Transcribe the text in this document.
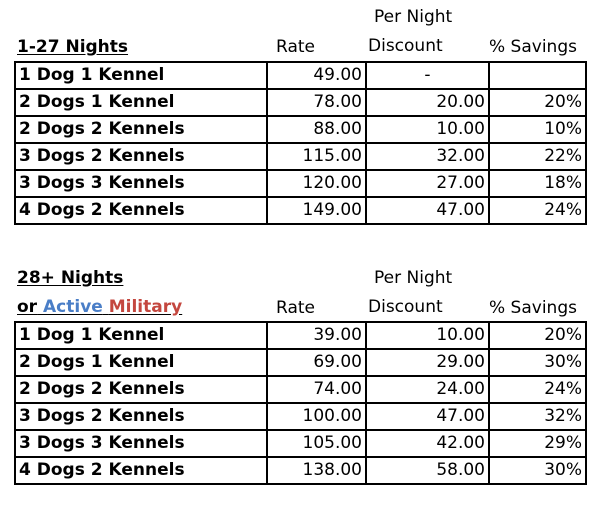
Per Night
1-27 Nights	Rate	Discount	% Savings
1 Dog 1 Kennel	49.00	-	
2 Dogs 1 Kennel	78.00	20.00	20%
2 Dogs 2 Kennels	88.00	10.00	10%
3 Dogs 2 Kennels	115.00	32.00	22%
3 Dogs 3 Kennels	120.00	27.00	18%
4 Dogs 2 Kennels	149.00	47.00	24%
Per Night
28+ Nights
or Active Military	Rate	Discount	% Savings
1 Dog 1 Kennel	39.00	10.00	20%
2 Dogs 1 Kennel	69.00	29.00	30%
2 Dogs 2 Kennels	74.00	24.00	24%
3 Dogs 2 Kennels	100.00	47.00	32%
3 Dogs 3 Kennels	105.00	42.00	29%
4 Dogs 2 Kennels	138.00	58.00	30%
